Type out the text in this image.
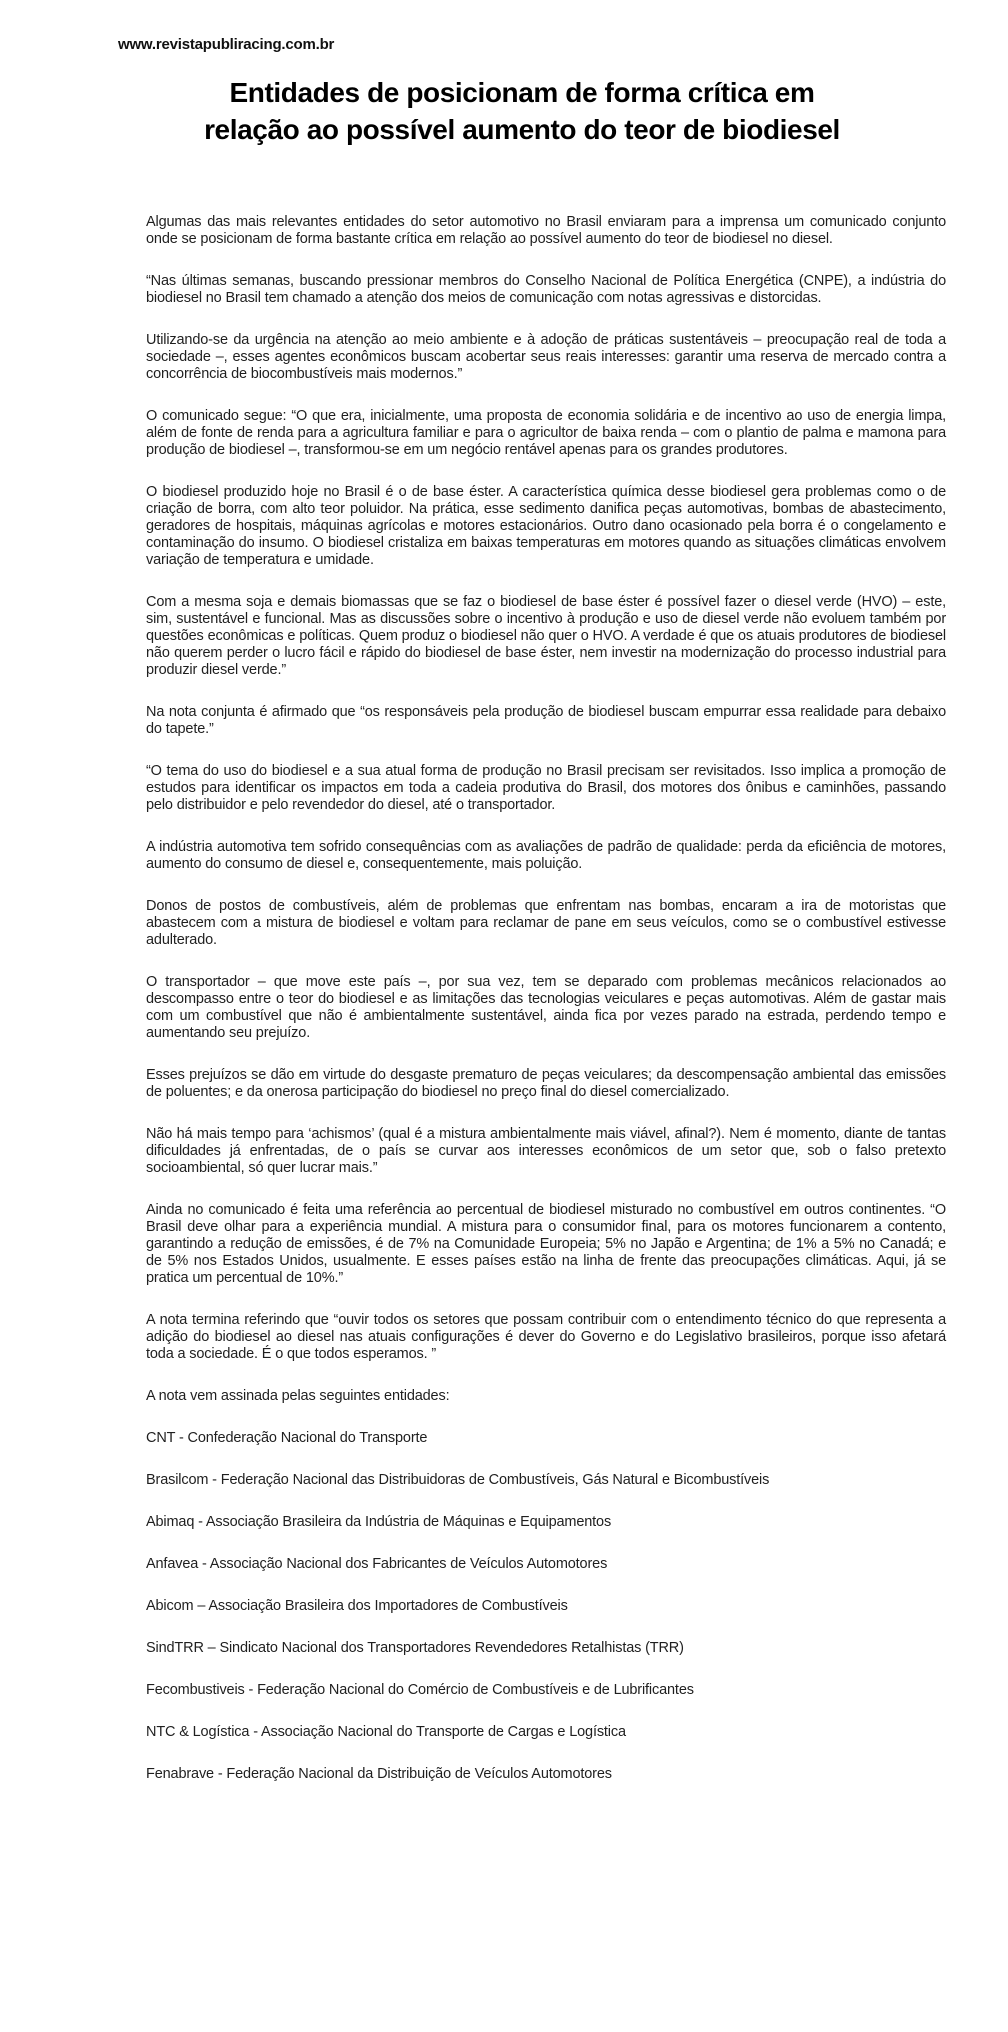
www.revistapubliracing.com.br
Entidades de posicionam de forma crítica em
relação ao possível aumento do teor de biodiesel

Algumas das mais relevantes entidades do setor automotivo no Brasil enviaram para a imprensa um comunicado conjunto onde se posicionam de forma bastante crítica em relação ao possível aumento do teor de biodiesel no diesel.

“Nas últimas semanas, buscando pressionar membros do Conselho Nacional de Política Energética (CNPE), a indústria do biodiesel no Brasil tem chamado a atenção dos meios de comunicação com notas agressivas e distorcidas.

Utilizando-se da urgência na atenção ao meio ambiente e à adoção de práticas sustentáveis – preocupação real de toda a sociedade –, esses agentes econômicos buscam acobertar seus reais interesses: garantir uma reserva de mercado contra a concorrência de biocombustíveis mais modernos.”

O comunicado segue: “O que era, inicialmente, uma proposta de economia solidária e de incentivo ao uso de energia limpa, além de fonte de renda para a agricultura familiar e para o agricultor de baixa renda – com o plantio de palma e mamona para produção de biodiesel –, transformou-se em um negócio rentável apenas para os grandes produtores.

O biodiesel produzido hoje no Brasil é o de base éster. A característica química desse biodiesel gera problemas como o de criação de borra, com alto teor poluidor. Na prática, esse sedimento danifica peças automotivas, bombas de abastecimento, geradores de hospitais, máquinas agrícolas e motores estacionários. Outro dano ocasionado pela borra é o congelamento e contaminação do insumo. O biodiesel cristaliza em baixas temperaturas em motores quando as situações climáticas envolvem variação de temperatura e umidade.

Com a mesma soja e demais biomassas que se faz o biodiesel de base éster é possível fazer o diesel verde (HVO) – este, sim, sustentável e funcional. Mas as discussões sobre o incentivo à produção e uso de diesel verde não evoluem também por questões econômicas e políticas. Quem produz o biodiesel não quer o HVO. A verdade é que os atuais produtores de biodiesel não querem perder o lucro fácil e rápido do biodiesel de base éster, nem investir na modernização do processo industrial para produzir diesel verde.”

Na nota conjunta é afirmado que “os responsáveis pela produção de biodiesel buscam empurrar essa realidade para debaixo do tapete.”

“O tema do uso do biodiesel e a sua atual forma de produção no Brasil precisam ser revisitados. Isso implica a promoção de estudos para identificar os impactos em toda a cadeia produtiva do Brasil, dos motores dos ônibus e caminhões, passando pelo distribuidor e pelo revendedor do diesel, até o transportador.

A indústria automotiva tem sofrido consequências com as avaliações de padrão de qualidade: perda da eficiência de motores, aumento do consumo de diesel e, consequentemente, mais poluição.

Donos de postos de combustíveis, além de problemas que enfrentam nas bombas, encaram a ira de motoristas que abastecem com a mistura de biodiesel e voltam para reclamar de pane em seus veículos, como se o combustível estivesse adulterado.

O transportador – que move este país –, por sua vez, tem se deparado com problemas mecânicos relacionados ao descompasso entre o teor do biodiesel e as limitações das tecnologias veiculares e peças automotivas. Além de gastar mais com um combustível que não é ambientalmente sustentável, ainda fica por vezes parado na estrada, perdendo tempo e aumentando seu prejuízo.

Esses prejuízos se dão em virtude do desgaste prematuro de peças veiculares; da descompensação ambiental das emissões de poluentes; e da onerosa participação do biodiesel no preço final do diesel comercializado.

Não há mais tempo para ‘achismos’ (qual é a mistura ambientalmente mais viável, afinal?). Nem é momento, diante de tantas dificuldades já enfrentadas, de o país se curvar aos interesses econômicos de um setor que, sob o falso pretexto socioambiental, só quer lucrar mais.”

Ainda no comunicado é feita uma referência ao percentual de biodiesel misturado no combustível em outros continentes. “O Brasil deve olhar para a experiência mundial. A mistura para o consumidor final, para os motores funcionarem a contento, garantindo a redução de emissões, é de 7% na Comunidade Europeia; 5% no Japão e Argentina; de 1% a 5% no Canadá; e de 5% nos Estados Unidos, usualmente. E esses países estão na linha de frente das preocupações climáticas. Aqui, já se pratica um percentual de 10%.”

A nota termina referindo que “ouvir todos os setores que possam contribuir com o entendimento técnico do que representa a adição do biodiesel ao diesel nas atuais configurações é dever do Governo e do Legislativo brasileiros, porque isso afetará toda a sociedade. É o que todos esperamos. ”

A nota vem assinada pelas seguintes entidades:

CNT - Confederação Nacional do Transporte

Brasilcom - Federação Nacional das Distribuidoras de Combustíveis, Gás Natural e Bicombustíveis

Abimaq - Associação Brasileira da Indústria de Máquinas e Equipamentos

Anfavea - Associação Nacional dos Fabricantes de Veículos Automotores

Abicom – Associação Brasileira dos Importadores de Combustíveis

SindTRR – Sindicato Nacional dos Transportadores Revendedores Retalhistas (TRR)

Fecombustiveis - Federação Nacional do Comércio de Combustíveis e de Lubrificantes

NTC & Logística - Associação Nacional do Transporte de Cargas e Logística

Fenabrave - Federação Nacional da Distribuição de Veículos Automotores
